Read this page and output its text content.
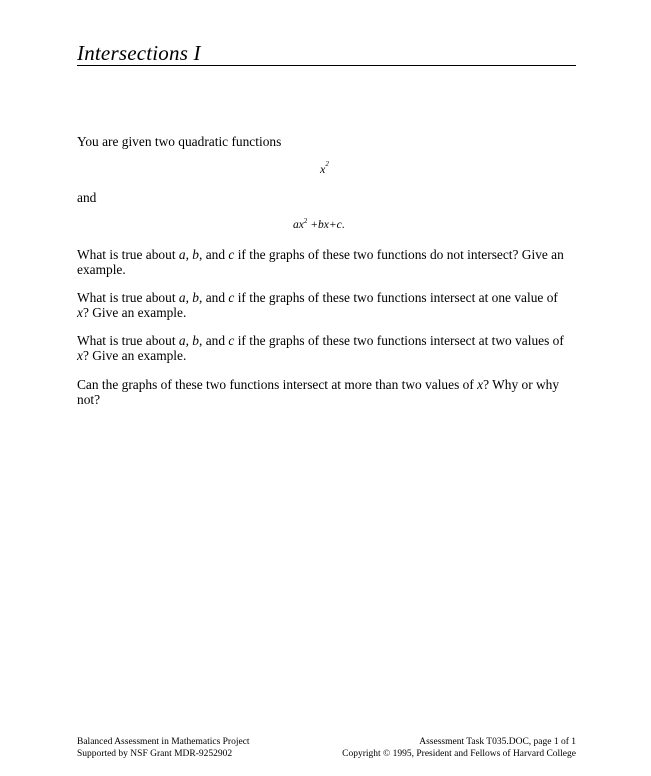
Intersections I
You are given two quadratic functions
$x^2$
and
$ax^2 +bx+c$.
What is true about a, b, and c if the graphs of these two functions do not intersect? Give an example.
What is true about a, b, and c if the graphs of these two functions intersect at one value of x? Give an example.
What is true about a, b, and c if the graphs of these two functions intersect at two values of x? Give an example.
Can the graphs of these two functions intersect at more than two values of x? Why or why not?
Balanced Assessment in Mathematics Project
Supported by NSF Grant MDR-9252902
Assessment Task T035.DOC, page 1 of 1
Copyright © 1995, President and Fellows of Harvard College
